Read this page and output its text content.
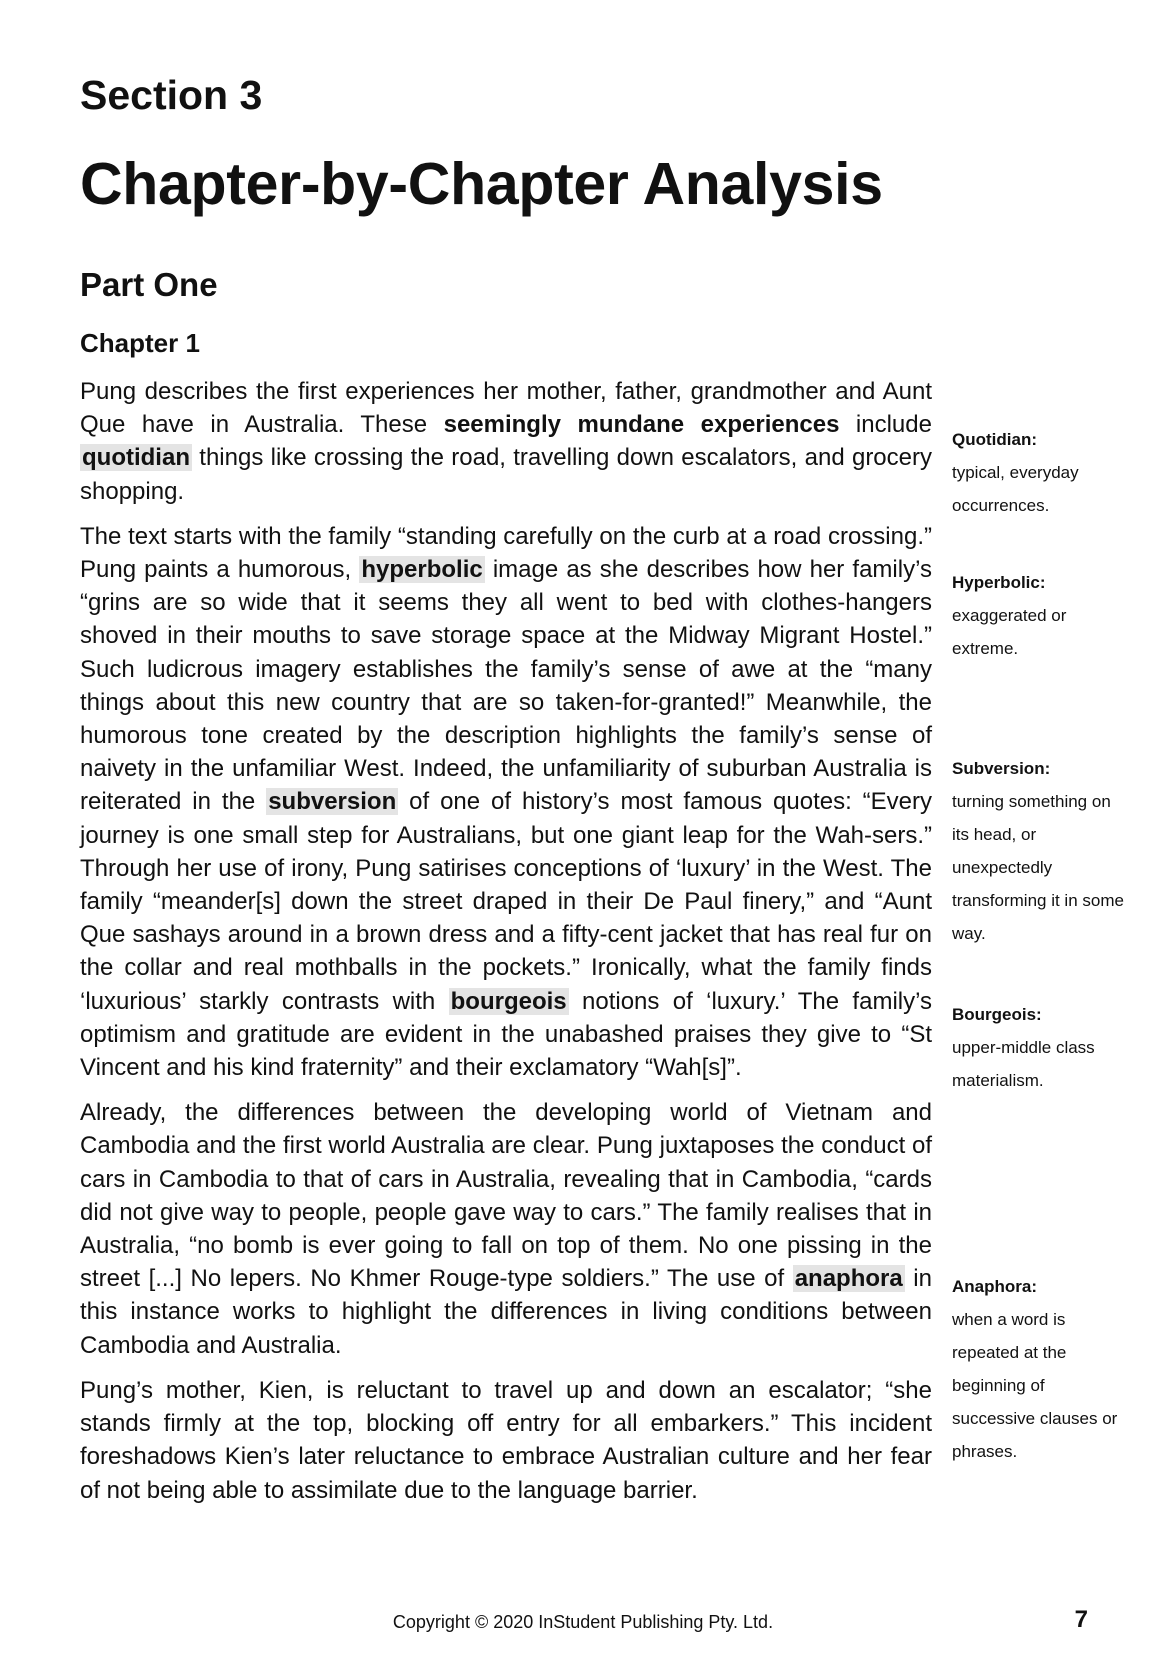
Section 3
Chapter-by-Chapter Analysis
Part One
Chapter 1

Pung describes the first experiences her mother, father, grandmother and Aunt Que have in Australia. These seemingly mundane experiences include quotidian things like crossing the road, travelling down escalators, and grocery shopping.

The text starts with the family “standing carefully on the curb at a road crossing.” Pung paints a humorous, hyperbolic image as she describes how her family’s “grins are so wide that it seems they all went to bed with clothes-hangers shoved in their mouths to save storage space at the Midway Migrant Hostel.” Such ludicrous imagery establishes the family’s sense of awe at the “many things about this new country that are so taken-for-granted!” Meanwhile, the humorous tone created by the description highlights the family’s sense of naivety in the unfamiliar West. Indeed, the unfamiliarity of suburban Australia is reiterated in the subversion of one of history’s most famous quotes: “Every journey is one small step for Australians, but one giant leap for the Wah-sers.” Through her use of irony, Pung satirises conceptions of ‘luxury’ in the West. The family “meander[s] down the street draped in their De Paul finery,” and “Aunt Que sashays around in a brown dress and a fifty-cent jacket that has real fur on the collar and real mothballs in the pockets.” Ironically, what the family finds ‘luxurious’ starkly contrasts with bourgeois notions of ‘luxury.’ The family’s optimism and gratitude are evident in the unabashed praises they give to “St Vincent and his kind fraternity” and their exclamatory “Wah[s]”.

Already, the differences between the developing world of Vietnam and Cambodia and the first world Australia are clear. Pung juxtaposes the conduct of cars in Cambodia to that of cars in Australia, revealing that in Cambodia, “cards did not give way to people, people gave way to cars.” The family realises that in Australia, “no bomb is ever going to fall on top of them. No one pissing in the street [...] No lepers. No Khmer Rouge-type soldiers.” The use of anaphora in this instance works to highlight the differences in living conditions between Cambodia and Australia.

Pung’s mother, Kien, is reluctant to travel up and down an escalator; “she stands firmly at the top, blocking off entry for all embarkers.” This incident foreshadows Kien’s later reluctance to embrace Australian culture and her fear of not being able to assimilate due to the language barrier.

Quotidian:
typical, everyday occurrences.
Hyperbolic:
exaggerated or extreme.
Subversion:
turning something on its head, or unexpectedly transforming it in some way.
Bourgeois:
upper-middle class materialism.
Anaphora:
when a word is repeated at the beginning of successive clauses or phrases.
Copyright © 2020 InStudent Publishing Pty. Ltd.	7
